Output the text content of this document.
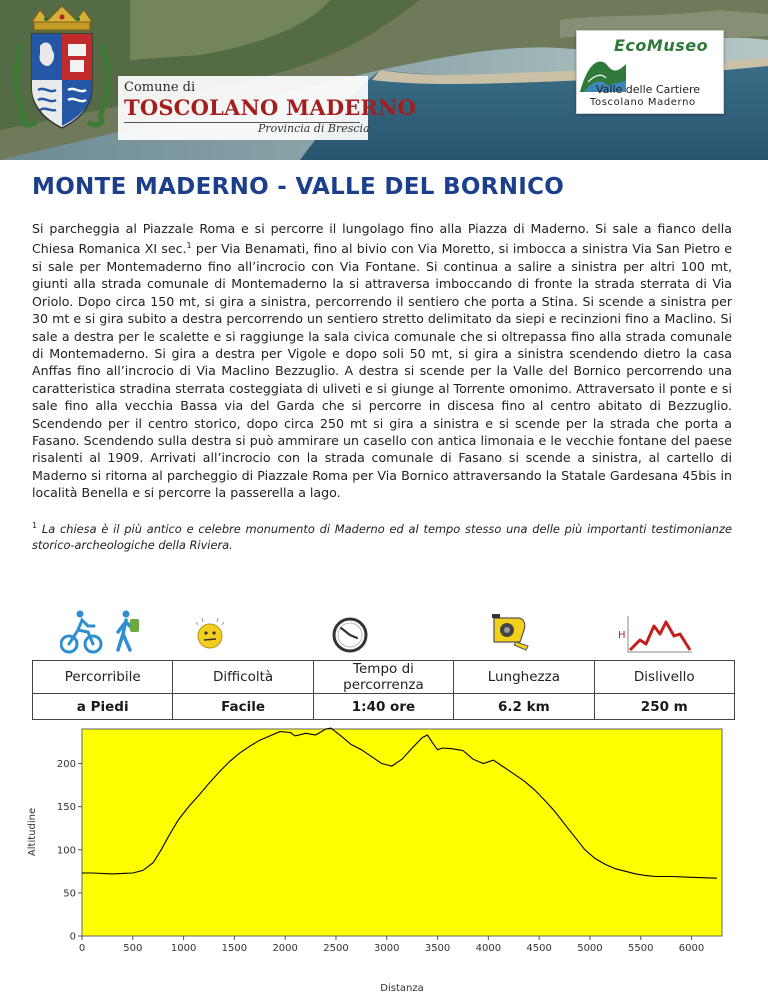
Comune di
TOSCOLANO MADERNO
Provincia di Brescia
EcoMuseo
Valle delle Cartiere
Toscolano Maderno
MONTE MADERNO - VALLE DEL BORNICO

Si parcheggia al Piazzale Roma e si percorre il lungolago fino alla Piazza di Maderno. Si sale a fianco della Chiesa Romanica XI sec.$^1$ per Via Benamati, fino al bivio con Via Moretto, si imbocca a sinistra Via San Pietro e si sale per Montemaderno fino all’incrocio con Via Fontane. Si continua a salire a sinistra per altri 100 mt, giunti alla strada comunale di Montemaderno la si attraversa imboccando di fronte la strada sterrata di Via Oriolo. Dopo circa 150 mt, si gira a sinistra, percorrendo il sentiero che porta a Stina. Si scende a sinistra per 30 mt e si gira subito a destra percorrendo un sentiero stretto delimitato da siepi e recinzioni fino a Maclino. Si sale a destra per le scalette e si raggiunge la sala civica comunale che si oltrepassa fino alla strada comunale di Montemaderno. Si gira a destra per Vigole e dopo soli 50 mt, si gira a sinistra scendendo dietro la casa Anffas fino all’incrocio di Via Maclino Bezzuglio. A destra si scende per la Valle del Bornico percorrendo una caratteristica stradina sterrata costeggiata di uliveti e si giunge al Torrente omonimo. Attraversato il ponte e si sale fino alla vecchia Bassa via del Garda che si percorre in discesa fino al centro abitato di Bezzuglio. Scendendo per il centro storico, dopo circa 250 mt si gira a sinistra e si scende per la strada che porta a Fasano. Scendendo sulla destra si può ammirare un casello con antica limonaia e le vecchie fontane del paese risalenti al 1909. Arrivati all’incrocio con la strada comunale di Fasano si scende a sinistra, al cartello di Maderno si ritorna al parcheggio di Piazzale Roma per Via Bornico attraversando la Statale Gardesana 45bis in località Benella e si percorre la passerella a lago.

$^1$ La chiesa è il più antico e celebre monumento di Maderno ed al tempo stesso una delle più importanti testimonianze storico-archeologiche della Riviera.

H
Percorribile	Difficoltà	Tempo di percorrenza	Lunghezza	Dislivello
a Piedi	Facile	1:40 ore	6.2 km	250 m
0	500	1000	1500	2000	2500	3000	3500	4000	4500	5000	5500	6000
0
50
100
150
200
Altitudine
Distanza
